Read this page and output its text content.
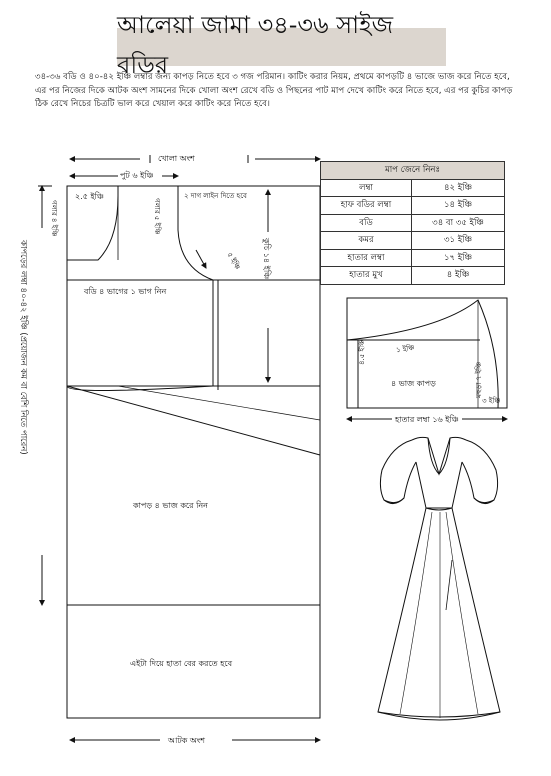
আলেয়া জামা ৩৪-৩৬ সাইজ বডির
৩৪-৩৬ বডি ও ৪০-৪২ ইঞ্চি লম্বার জন্য কাপড় নিতে হবে ৩ গজ পরিমান। কাটিং করার নিয়ম, প্রথমে কাপড়টি ৪ ভাজে ভাজ করে নিতে হবে, এর পর নিজের দিকে আটক অংশ সামনের দিকে খোলা অংশ রেখে বডি ও পিছনের পাট মাপ দেখে কাটিং করে নিতে হবে, এর পর কুচির কাপড় ঠিক রেখে নিচের চিত্রটি ভাল করে খেয়াল করে কাটিং করে নিতে হবে।
খোলা অংশ
পুট ৬ ইঞ্চি
২.৫ ইঞ্চি	২ দাগ লাইন দিতে হবে
গলার ৪ ইঞ্চি	গলার ৫ ইঞ্চি
৫ ইঞ্চি
বডি ৪ ভাগের ১ ভাগ নিন
কুচি ১৪ ইঞ্চি
কাপড়ের লম্বা ৪০-৪২ ইঞ্চি (প্রয়োজন কম বা বেশি নিতে পারেন)
কাপড় ৪ ভাজ করে নিন
এইটা দিয়ে হাতা বের করতে হবে
আটক অংশ
মাপ জেনে নিনঃ	
লম্বা	৪২ ইঞ্চি
হাফ বডির লম্বা	১৪ ইঞ্চি
বডি	৩৪ বা ৩৫ ইঞ্চি
কমর	৩১ ইঞ্চি
হাতার লম্বা	১৭ ইঞ্চি
হাতার মুখ	৪ ইঞ্চি
১ ইঞ্চি
৪.৫ ইঞ্চি
৪ ভাজ কাপড়	মহুড়া ৭ ইঞ্চি
৩ ইঞ্চি
হাতার লম্বা ১৬ ইঞ্চি
